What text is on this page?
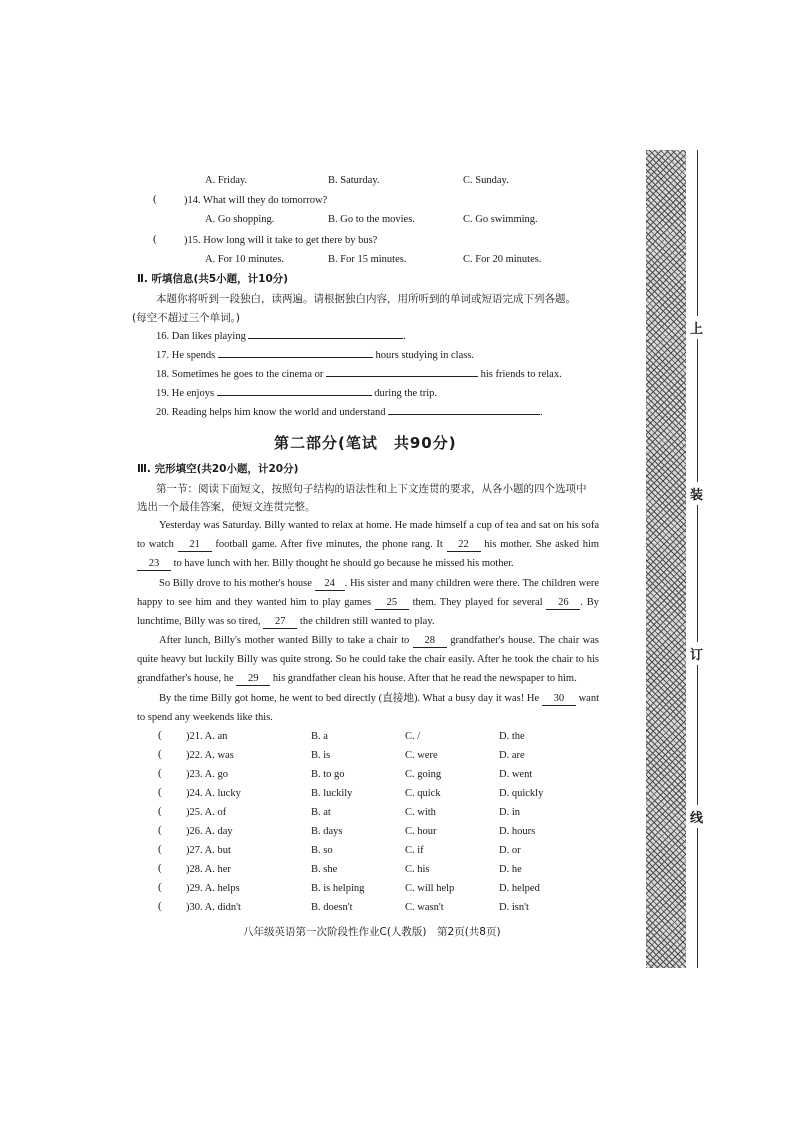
A. Friday.	B. Saturday.	C. Sunday.
(	)14. What will they do tomorrow?
A. Go shopping.	B. Go to the movies.	C. Go swimming.
(	)15. How long will it take to get there by bus?
A. For 10 minutes.	B. For 15 minutes.	C. For 20 minutes.
Ⅱ. 听填信息(共5小题，计10分)
本题你将听到一段独白，读两遍。请根据独白内容，用所听到的单词或短语完成下列各题。
(每空不超过三个单词。)
16. Dan likes playing	.
17. He spends	hours studying in class.
18. Sometimes he goes to the cinema or	his friends to relax.
19. He enjoys	during the trip.
20. Reading helps him know the world and understand	.
第二部分(笔试　共90分)
Ⅲ. 完形填空(共20小题，计20分)
第一节：阅读下面短文，按照句子结构的语法性和上下文连贯的要求，从各小题的四个选项中
选出一个最佳答案，使短文连贯完整。
Yesterday was Saturday. Billy wanted to relax at home. He made himself a cup of tea and sat on his sofa to watch 21 football game. After five minutes, the phone rang. It 22 his mother. She asked him 23 to have lunch with her. Billy thought he should go because he missed his mother.
So Billy drove to his mother's house 24 . His sister and many children were there. The children were happy to see him and they wanted him to play games 25 them. They played for several 26 . By lunchtime, Billy was so tired, 27 the children still wanted to play.
After lunch, Billy's mother wanted Billy to take a chair to 28 grandfather's house. The chair was quite heavy but luckily Billy was quite strong. So he could take the chair easily. After he took the chair to his grandfather's house, he 29 his grandfather clean his house. After that he read the newspaper to him.
By the time Billy got home, he went to bed directly (直接地). What a busy day it was! He 30 want to spend any weekends like this.
( )21. A. an	B. a	C. /	D. the
( )22. A. was	B. is	C. were	D. are
( )23. A. go	B. to go	C. going	D. went
( )24. A. lucky	B. luckily	C. quick	D. quickly
( )25. A. of	B. at	C. with	D. in
( )26. A. day	B. days	C. hour	D. hours
( )27. A. but	B. so	C. if	D. or
( )28. A. her	B. she	C. his	D. he
( )29. A. helps	B. is helping	C. will help	D. helped
( )30. A. didn't	B. doesn't	C. wasn't	D. isn't
八年级英语第一次阶段性作业C(人教版)　第2页(共8页)
上
装
订
线
